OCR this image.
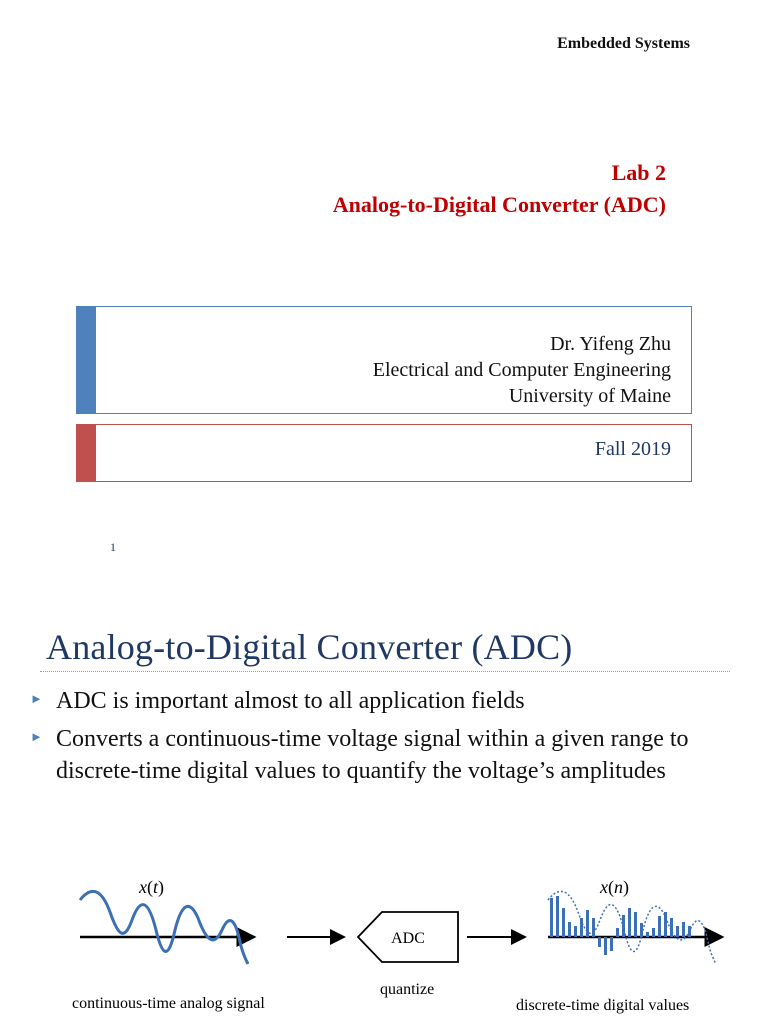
Embedded Systems
Lab 2
Analog-to-Digital Converter (ADC)
Dr. Yifeng Zhu
Electrical and Computer Engineering
University of Maine
Fall 2019
1
Analog-to-Digital Converter (ADC)
► ADC is important almost to all application fields
► Converts a continuous-time voltage signal within a given range to discrete-time digital values to quantify the voltage’s amplitudes
x(t)
continuous-time analog signal
ADC
quantize
x(n)
discrete-time digital values
